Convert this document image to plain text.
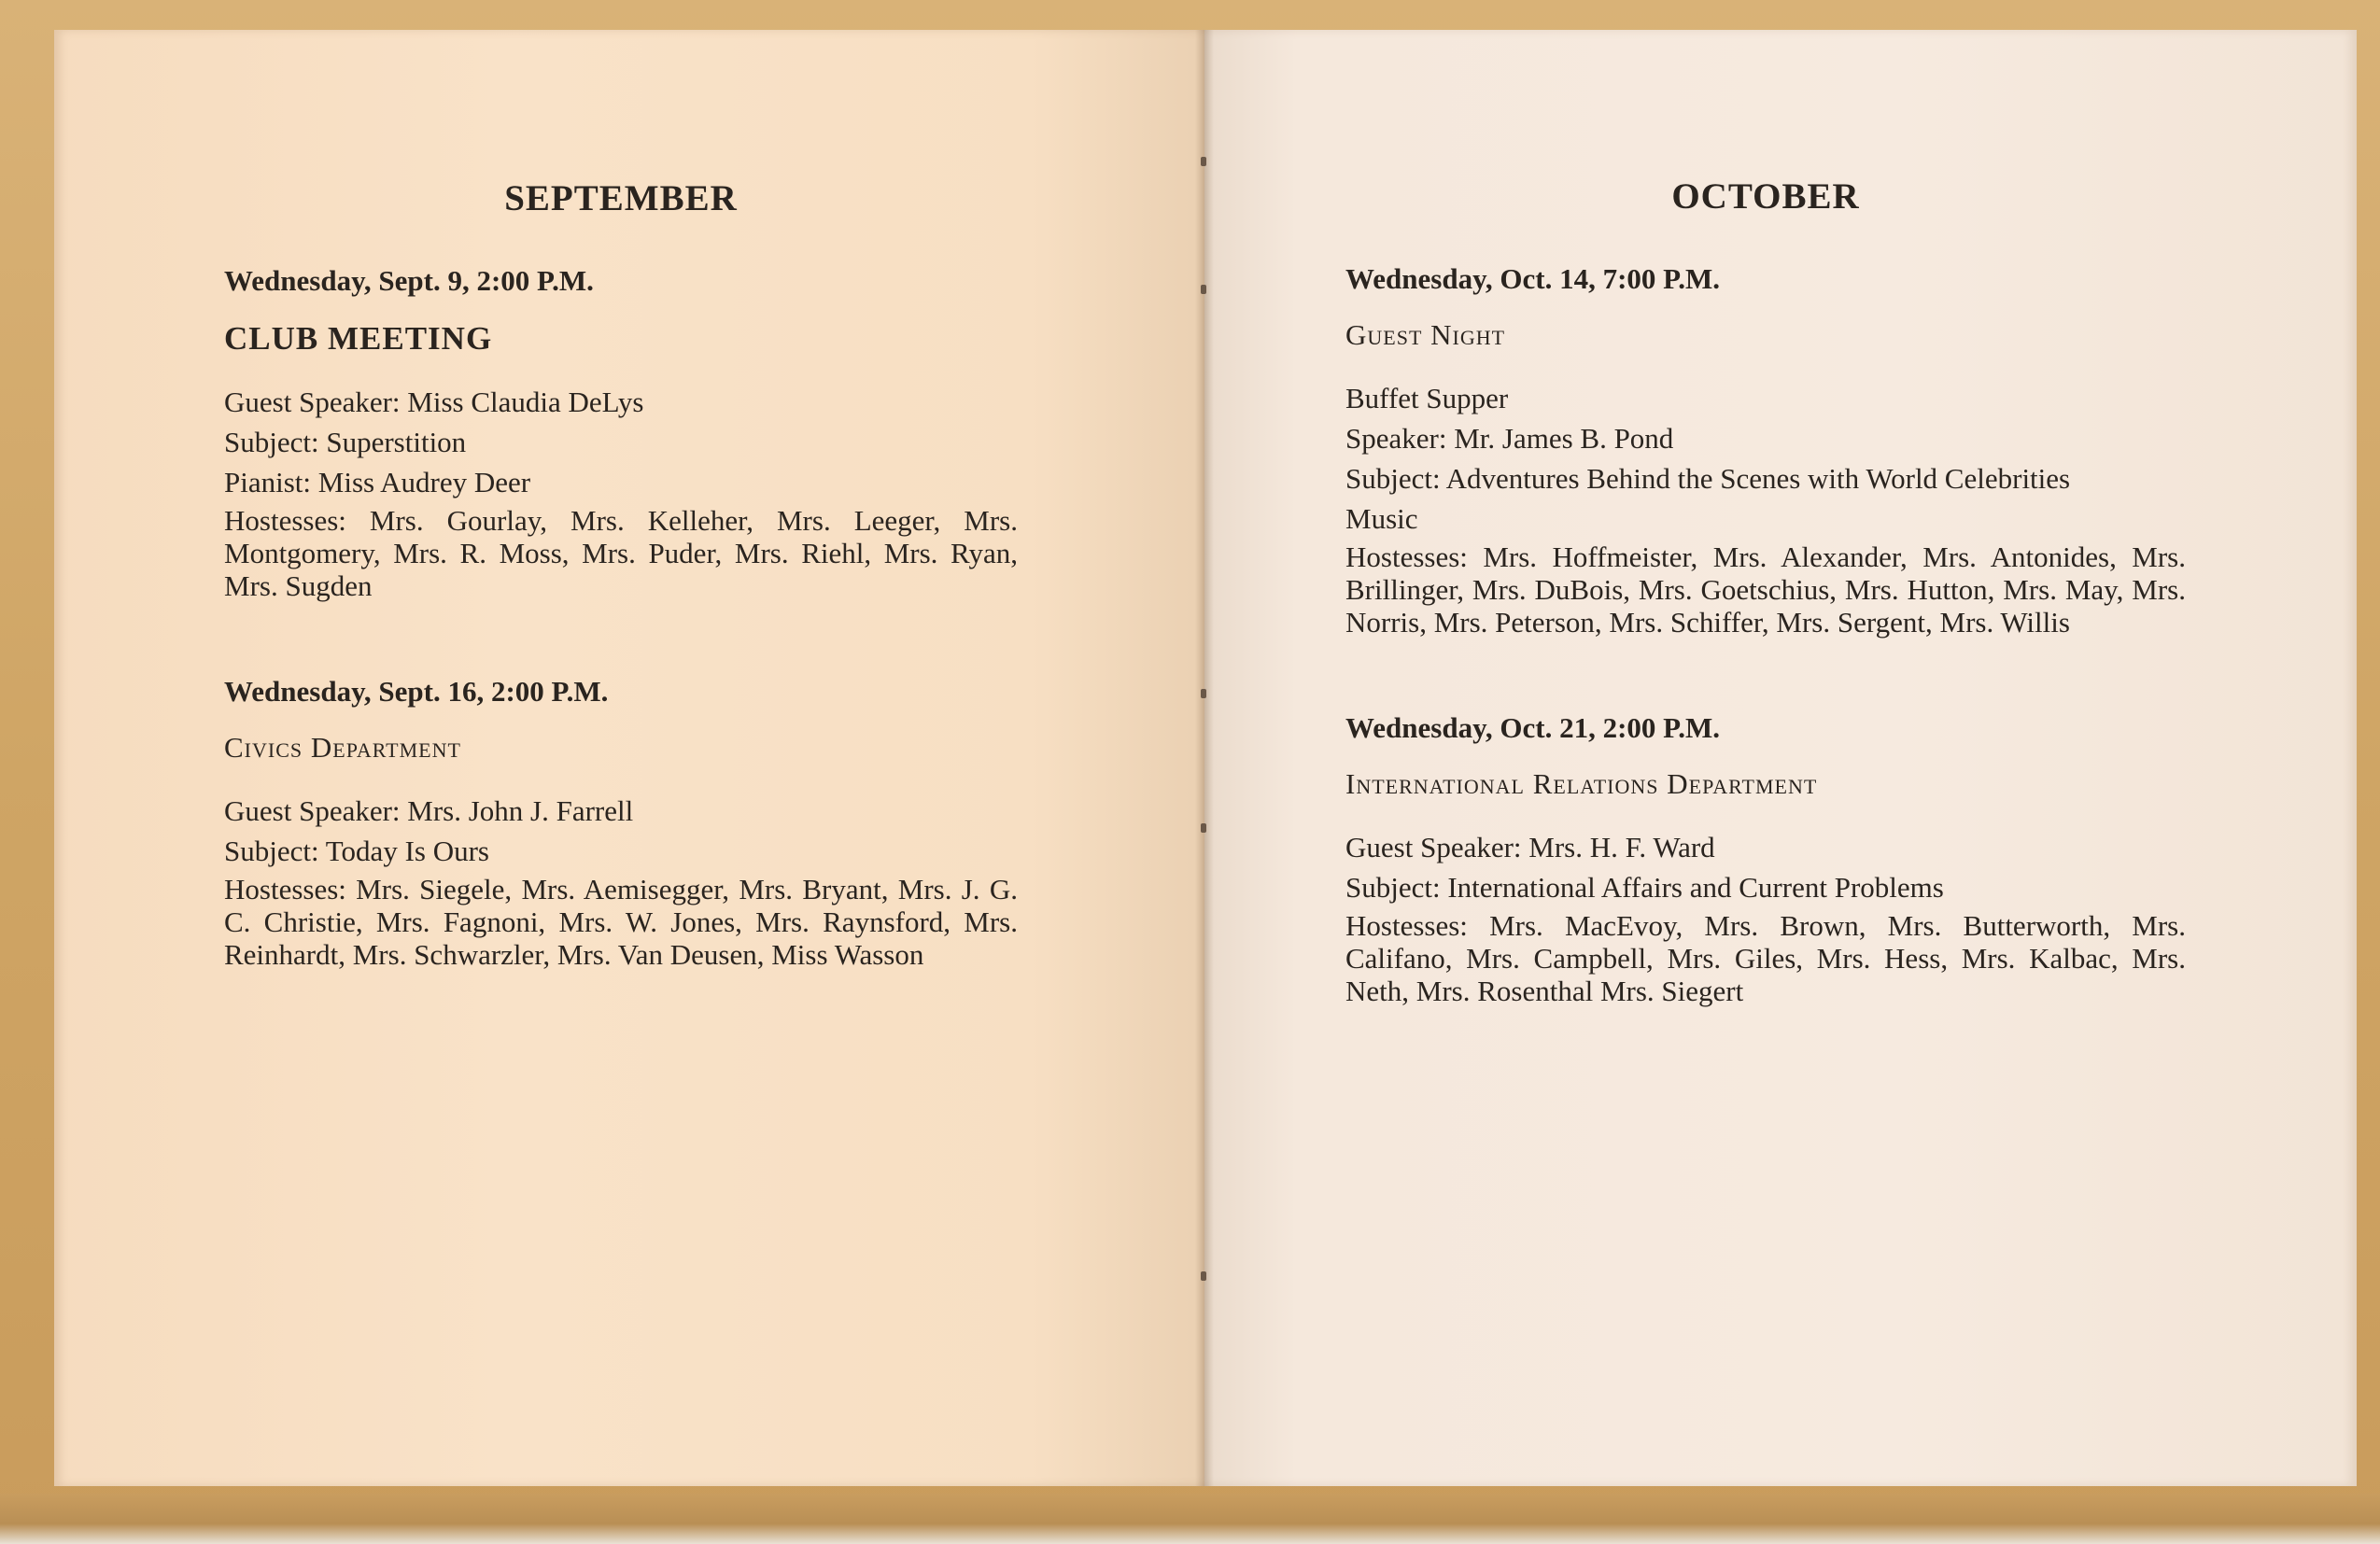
SEPTEMBER
Wednesday, Sept. 9, 2:00 P.M.
CLUB MEETING
Guest Speaker: Miss Claudia DeLys
Subject: Superstition
Pianist: Miss Audrey Deer
Hostesses: Mrs. Gourlay, Mrs. Kelleher, Mrs. Leeger, Mrs. Montgomery, Mrs. R. Moss, Mrs. Puder, Mrs. Riehl, Mrs. Ryan, Mrs. Sugden
Wednesday, Sept. 16, 2:00 P.M.
Civics Department
Guest Speaker: Mrs. John J. Farrell
Subject: Today Is Ours
Hostesses: Mrs. Siegele, Mrs. Aemisegger, Mrs. Bryant, Mrs. J. G. C. Christie, Mrs. Fagnoni, Mrs. W. Jones, Mrs. Raynsford, Mrs. Reinhardt, Mrs. Schwarzler, Mrs. Van Deusen, Miss Wasson
OCTOBER
Wednesday, Oct. 14, 7:00 P.M.
Guest Night
Buffet Supper
Speaker: Mr. James B. Pond
Subject: Adventures Behind the Scenes with World Celebrities
Music
Hostesses: Mrs. Hoffmeister, Mrs. Alexander, Mrs. Antonides, Mrs. Brillinger, Mrs. DuBois, Mrs. Goetschius, Mrs. Hutton, Mrs. May, Mrs. Norris, Mrs. Peterson, Mrs. Schiffer, Mrs. Sergent, Mrs. Willis
Wednesday, Oct. 21, 2:00 P.M.
International Relations Department
Guest Speaker: Mrs. H. F. Ward
Subject: International Affairs and Current Problems
Hostesses: Mrs. MacEvoy, Mrs. Brown, Mrs. Butterworth, Mrs. Califano, Mrs. Campbell, Mrs. Giles, Mrs. Hess, Mrs. Kalbac, Mrs. Neth, Mrs. Rosenthal Mrs. Siegert
